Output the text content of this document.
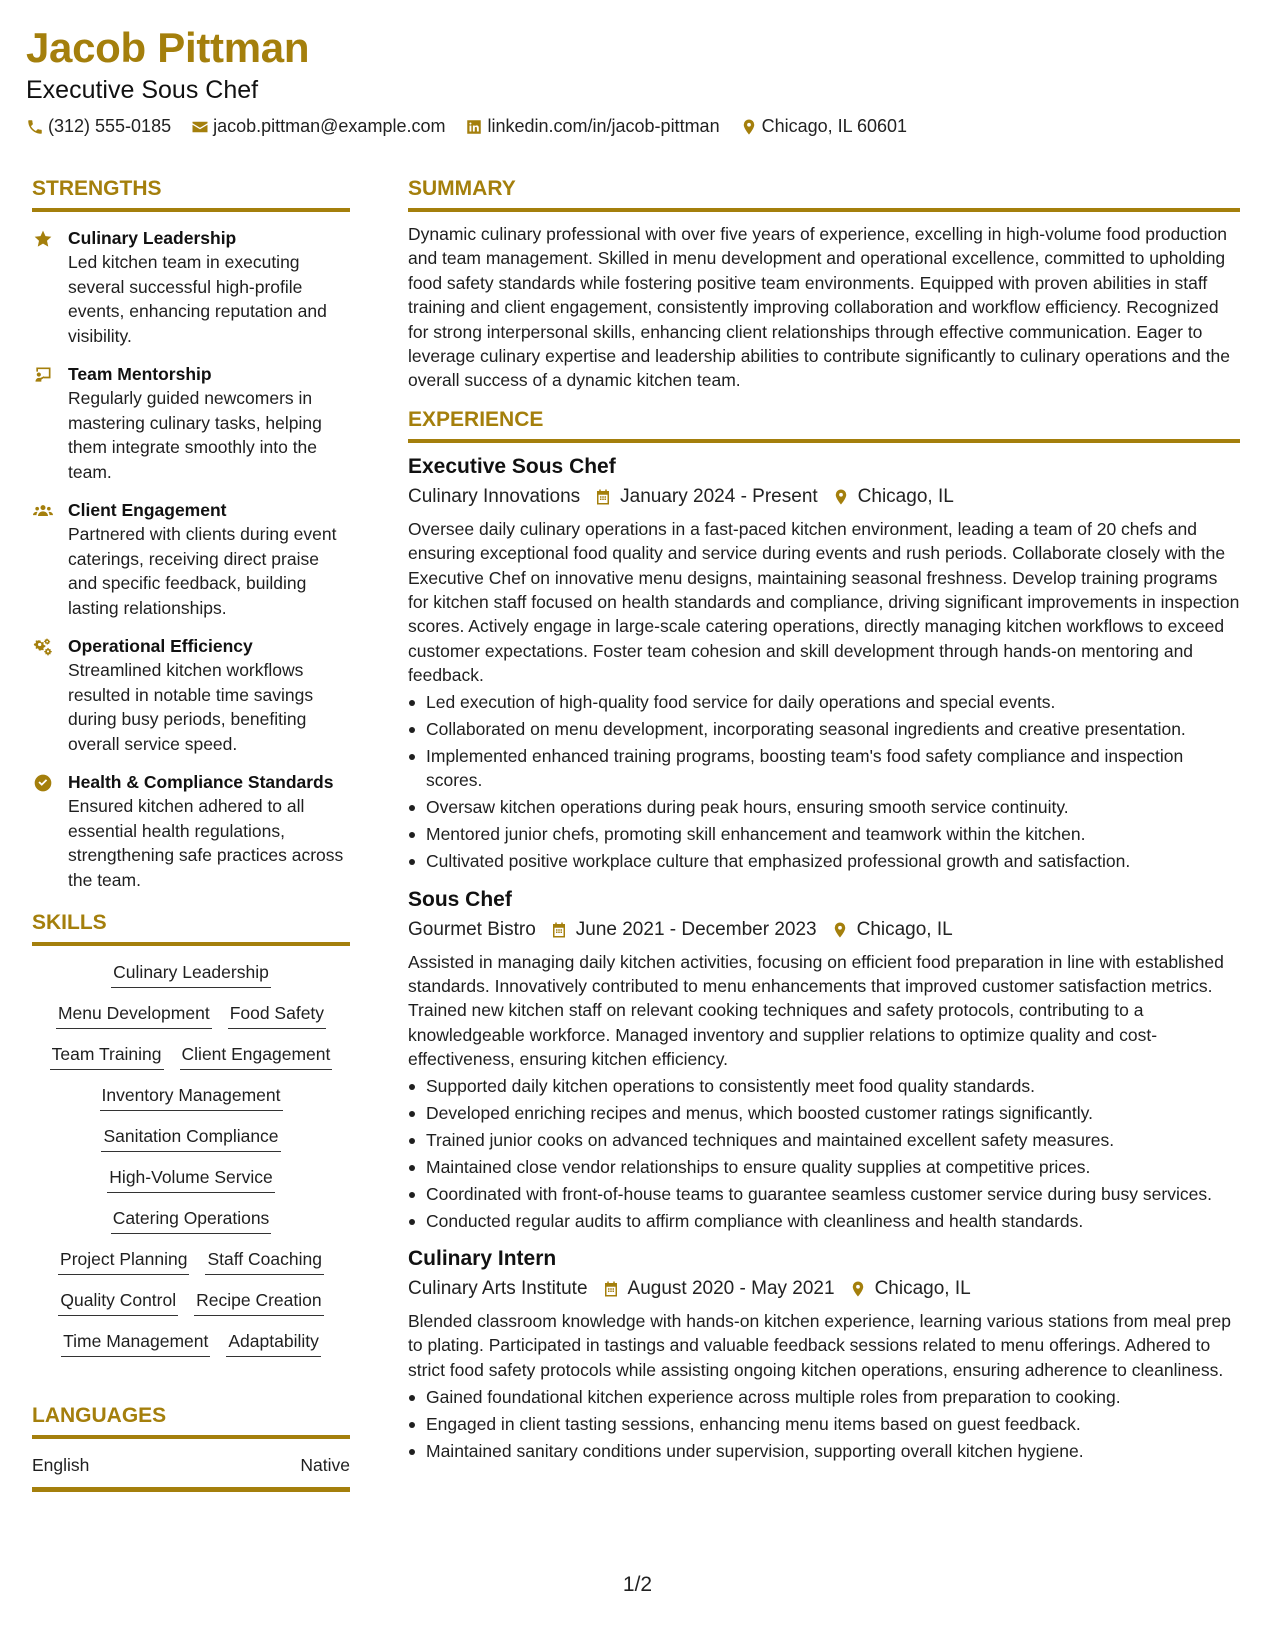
Jacob Pittman
Executive Sous Chef
(312) 555-0185 jacob.pittman@example.com linkedin.com/in/jacob-pittman Chicago, IL 60601
STRENGTHS
Culinary Leadership
Led kitchen team in executing several successful high-profile events, enhancing reputation and visibility.
Team Mentorship
Regularly guided newcomers in mastering culinary tasks, helping them integrate smoothly into the team.
Client Engagement
Partnered with clients during event caterings, receiving direct praise and specific feedback, building lasting relationships.
Operational Efficiency
Streamlined kitchen workflows resulted in notable time savings during busy periods, benefiting overall service speed.
Health & Compliance Standards
Ensured kitchen adhered to all essential health regulations, strengthening safe practices across the team.
SKILLS
Culinary Leadership
Menu Development Food Safety
Team Training Client Engagement
Inventory Management
Sanitation Compliance
High-Volume Service
Catering Operations
Project Planning Staff Coaching
Quality Control Recipe Creation
Time Management Adaptability
LANGUAGES
English	Native
SUMMARY

Dynamic culinary professional with over five years of experience, excelling in high-volume food production and team management. Skilled in menu development and operational excellence, committed to upholding food safety standards while fostering positive team environments. Equipped with proven abilities in staff training and client engagement, consistently improving collaboration and workflow efficiency. Recognized for strong interpersonal skills, enhancing client relationships through effective communication. Eager to leverage culinary expertise and leadership abilities to contribute significantly to culinary operations and the overall success of a dynamic kitchen team.

EXPERIENCE
Executive Sous Chef
Culinary Innovations January 2024 - Present Chicago, IL

Oversee daily culinary operations in a fast-paced kitchen environment, leading a team of 20 chefs and ensuring exceptional food quality and service during events and rush periods. Collaborate closely with the Executive Chef on innovative menu designs, maintaining seasonal freshness. Develop training programs for kitchen staff focused on health standards and compliance, driving significant improvements in inspection scores. Actively engage in large-scale catering operations, directly managing kitchen workflows to exceed customer expectations. Foster team cohesion and skill development through hands-on mentoring and feedback.

Led execution of high-quality food service for daily operations and special events.
Collaborated on menu development, incorporating seasonal ingredients and creative presentation.
Implemented enhanced training programs, boosting team's food safety compliance and inspection scores.
Oversaw kitchen operations during peak hours, ensuring smooth service continuity.
Mentored junior chefs, promoting skill enhancement and teamwork within the kitchen.
Cultivated positive workplace culture that emphasized professional growth and satisfaction.
Sous Chef
Gourmet Bistro June 2021 - December 2023 Chicago, IL

Assisted in managing daily kitchen activities, focusing on efficient food preparation in line with established standards. Innovatively contributed to menu enhancements that improved customer satisfaction metrics. Trained new kitchen staff on relevant cooking techniques and safety protocols, contributing to a knowledgeable workforce. Managed inventory and supplier relations to optimize quality and cost-effectiveness, ensuring kitchen efficiency.

Supported daily kitchen operations to consistently meet food quality standards.
Developed enriching recipes and menus, which boosted customer ratings significantly.
Trained junior cooks on advanced techniques and maintained excellent safety measures.
Maintained close vendor relationships to ensure quality supplies at competitive prices.
Coordinated with front-of-house teams to guarantee seamless customer service during busy services.
Conducted regular audits to affirm compliance with cleanliness and health standards.
Culinary Intern
Culinary Arts Institute August 2020 - May 2021 Chicago, IL

Blended classroom knowledge with hands-on kitchen experience, learning various stations from meal prep to plating. Participated in tastings and valuable feedback sessions related to menu offerings. Adhered to strict food safety protocols while assisting ongoing kitchen operations, ensuring adherence to cleanliness.

Gained foundational kitchen experience across multiple roles from preparation to cooking.
Engaged in client tasting sessions, enhancing menu items based on guest feedback.
Maintained sanitary conditions under supervision, supporting overall kitchen hygiene.
1/2
